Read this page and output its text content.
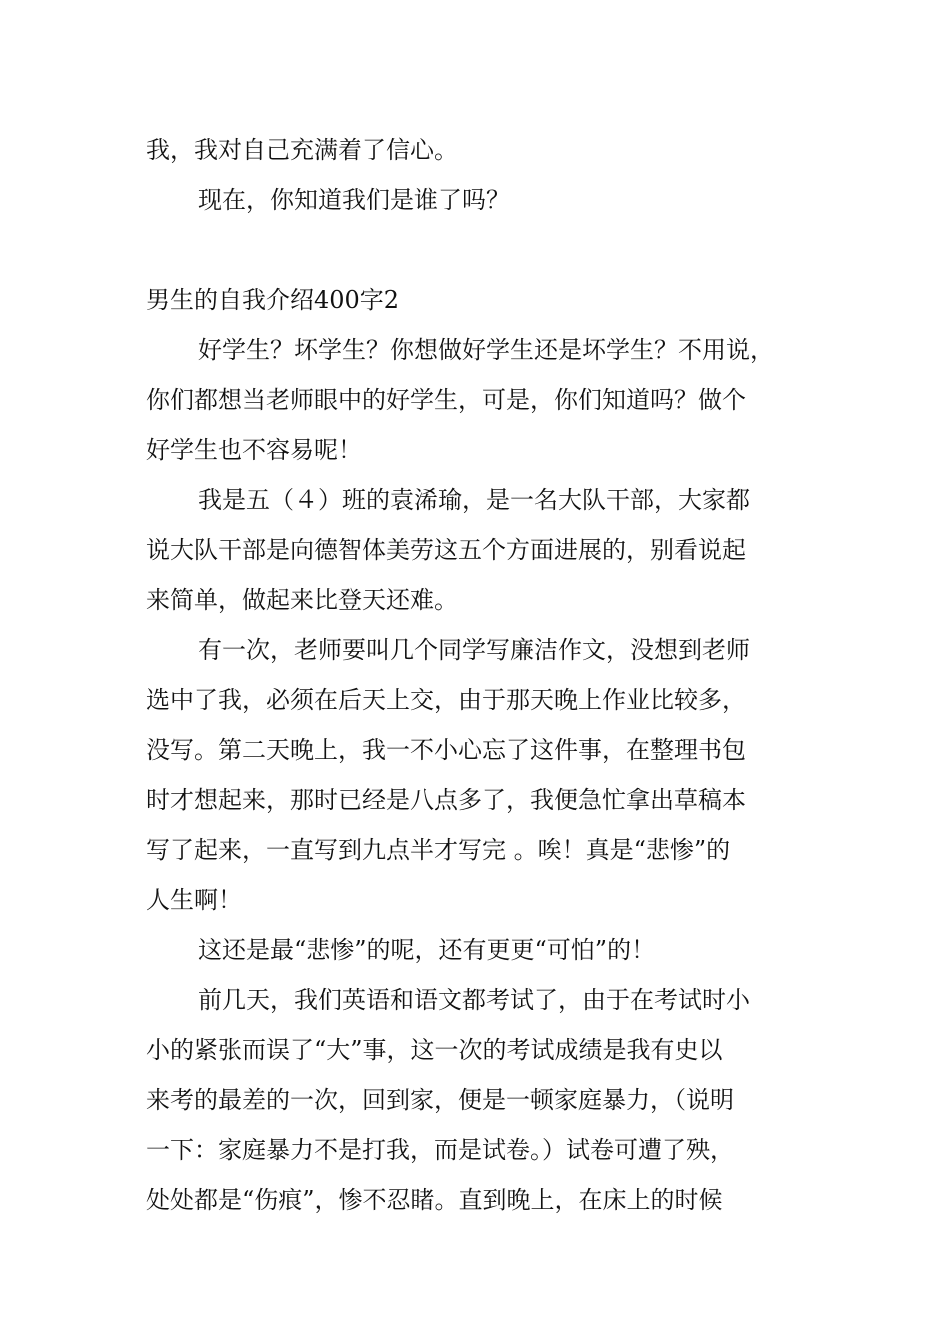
我，我对自己充满着了信心。

现在，你知道我们是谁了吗？

男生的自我介绍400字2

好学生？坏学生？你想做好学生还是坏学生？不用说，

你们都想当老师眼中的好学生，可是，你们知道吗？做个

好学生也不容易呢！

我是五（４）班的袁浠瑜，是一名大队干部，大家都

说大队干部是向德智体美劳这五个方面进展的，别看说起

来简单，做起来比登天还难。

有一次，老师要叫几个同学写廉洁作文，没想到老师

选中了我，必须在后天上交，由于那天晚上作业比较多，

没写。第二天晚上，我一不小心忘了这件事，在整理书包

时才想起来，那时已经是八点多了，我便急忙拿出草稿本

写了起来，一直写到九点半才写完 。唉！真是“悲惨”的

人生啊！

这还是最“悲惨”的呢，还有更更“可怕”的！

前几天，我们英语和语文都考试了，由于在考试时小

小的紧张而误了“大”事，这一次的考试成绩是我有史以

来考的最差的一次，回到家，便是一顿家庭暴力，（说明

一下：家庭暴力不是打我，而是试卷。）试卷可遭了殃，

处处都是“伤痕”，惨不忍睹。直到晚上，在床上的时候
